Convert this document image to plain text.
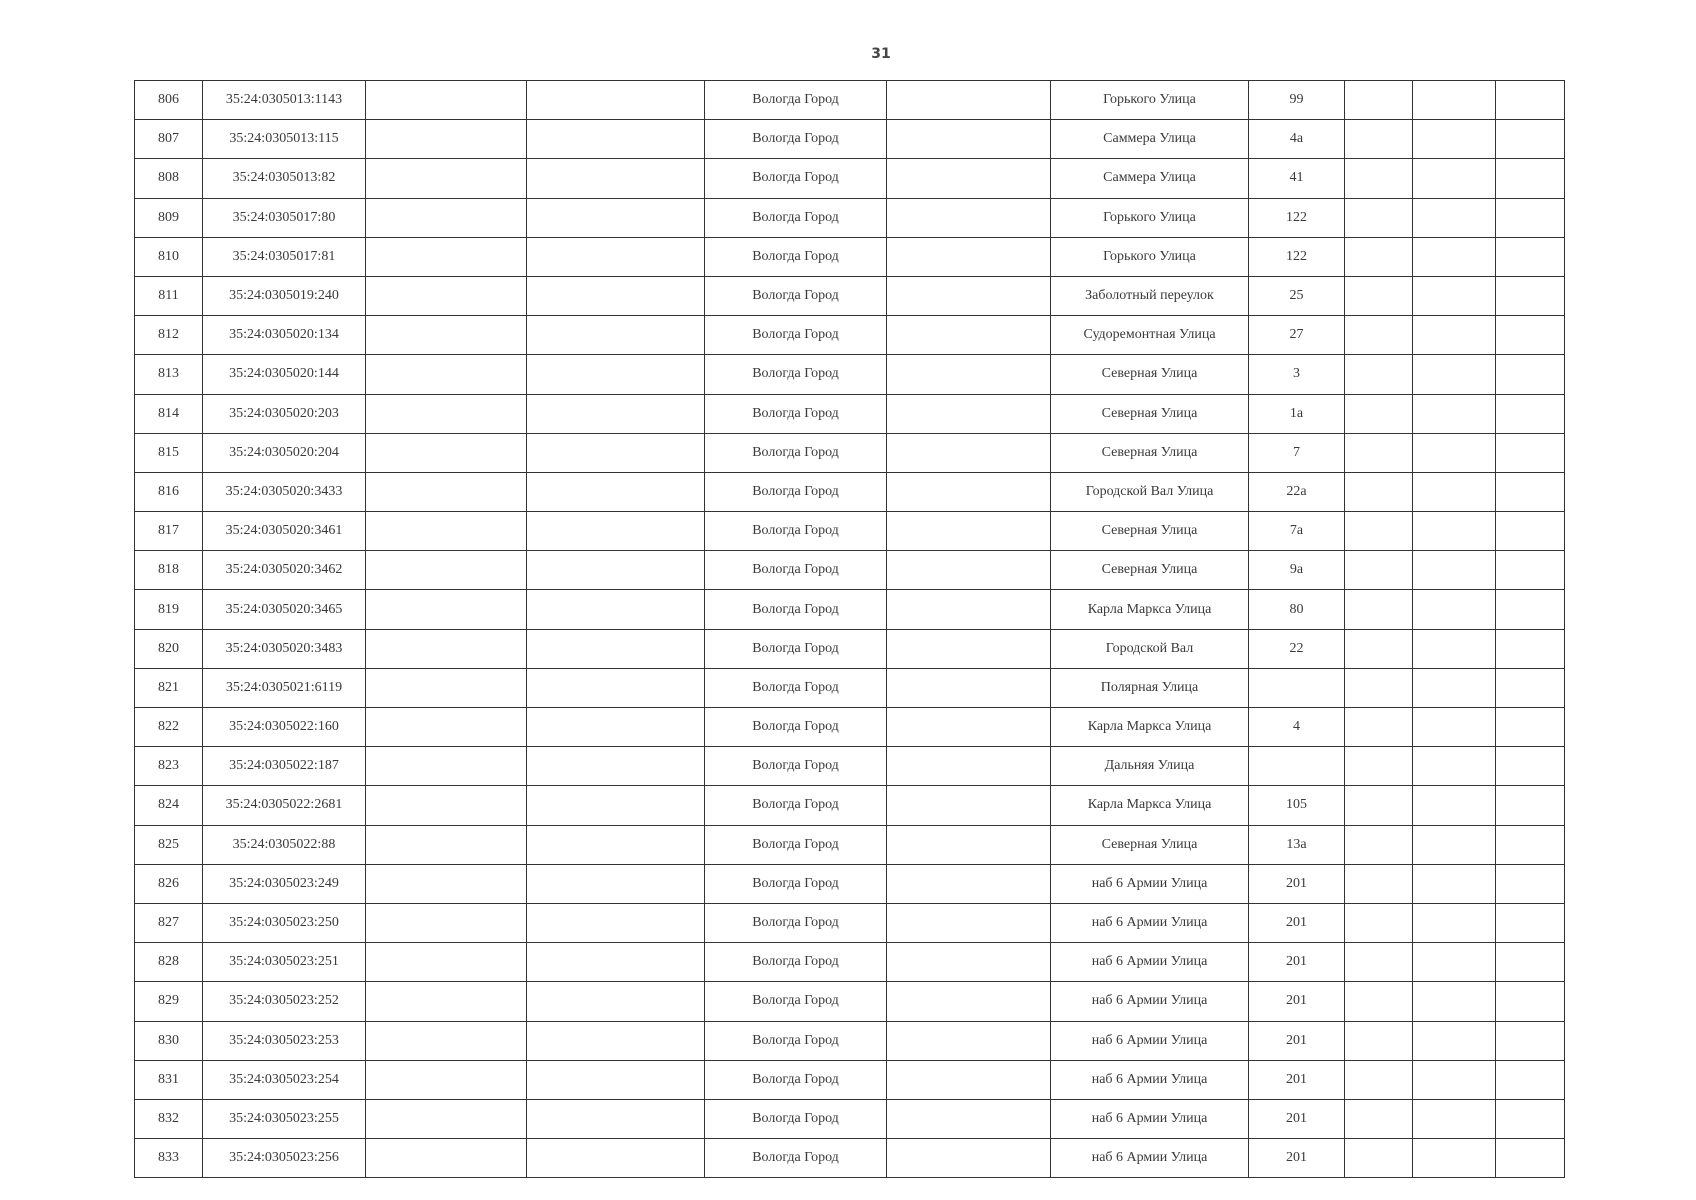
31
806	35:24:0305013:1143			Вологда Город		Горького Улица	99			
807	35:24:0305013:115			Вологда Город		Саммера Улица	4а			
808	35:24:0305013:82			Вологда Город		Саммера Улица	41			
809	35:24:0305017:80			Вологда Город		Горького Улица	122			
810	35:24:0305017:81			Вологда Город		Горького Улица	122			
811	35:24:0305019:240			Вологда Город		Заболотный переулок	25			
812	35:24:0305020:134			Вологда Город		Судоремонтная Улица	27			
813	35:24:0305020:144			Вологда Город		Северная Улица	3			
814	35:24:0305020:203			Вологда Город		Северная Улица	1а			
815	35:24:0305020:204			Вологда Город		Северная Улица	7			
816	35:24:0305020:3433			Вологда Город		Городской Вал Улица	22а			
817	35:24:0305020:3461			Вологда Город		Северная Улица	7а			
818	35:24:0305020:3462			Вологда Город		Северная Улица	9а			
819	35:24:0305020:3465			Вологда Город		Карла Маркса Улица	80			
820	35:24:0305020:3483			Вологда Город		Городской Вал	22			
821	35:24:0305021:6119			Вологда Город		Полярная Улица				
822	35:24:0305022:160			Вологда Город		Карла Маркса Улица	4			
823	35:24:0305022:187			Вологда Город		Дальняя Улица				
824	35:24:0305022:2681			Вологда Город		Карла Маркса Улица	105			
825	35:24:0305022:88			Вологда Город		Северная Улица	13а			
826	35:24:0305023:249			Вологда Город		наб 6 Армии Улица	201			
827	35:24:0305023:250			Вологда Город		наб 6 Армии Улица	201			
828	35:24:0305023:251			Вологда Город		наб 6 Армии Улица	201			
829	35:24:0305023:252			Вологда Город		наб 6 Армии Улица	201			
830	35:24:0305023:253			Вологда Город		наб 6 Армии Улица	201			
831	35:24:0305023:254			Вологда Город		наб 6 Армии Улица	201			
832	35:24:0305023:255			Вологда Город		наб 6 Армии Улица	201			
833	35:24:0305023:256			Вологда Город		наб 6 Армии Улица	201			
